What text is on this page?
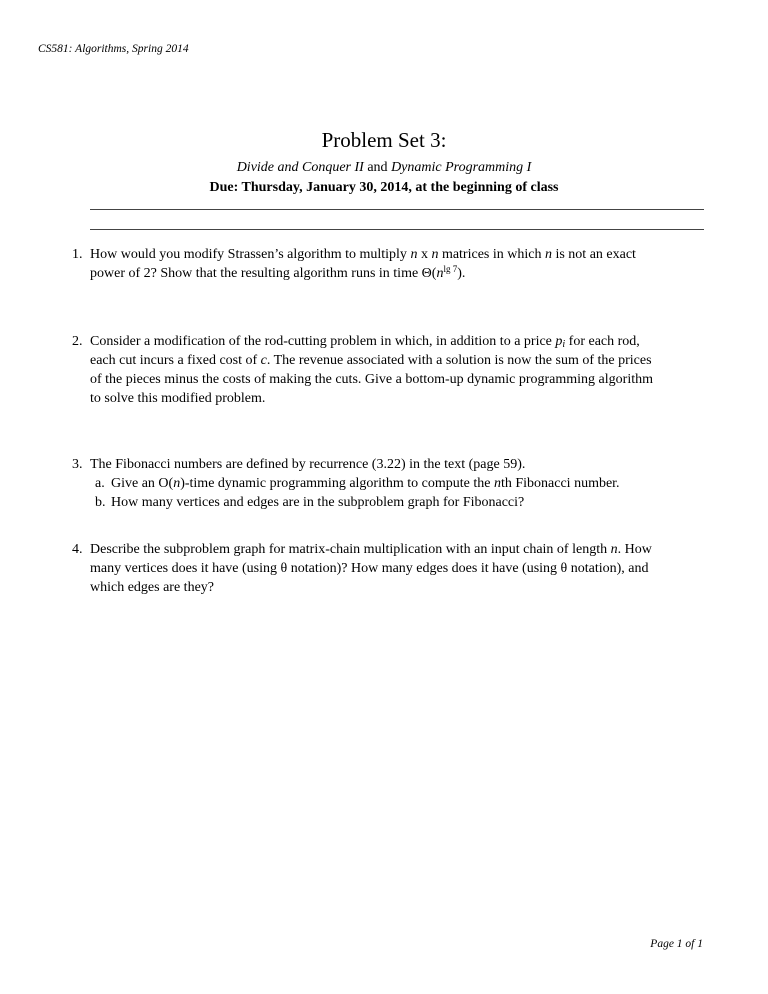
CS581: Algorithms, Spring 2014
Problem Set 3:
Divide and Conquer II and Dynamic Programming I
Due: Thursday, January 30, 2014, at the beginning of class
1. How would you modify Strassen’s algorithm to multiply n x n matrices in which n is not an exact
power of 2? Show that the resulting algorithm runs in time $\Theta(n^{lg 7})$.
2. Consider a modification of the rod-cutting problem in which, in addition to a price $p_i$ for each rod,
each cut incurs a fixed cost of c. The revenue associated with a solution is now the sum of the prices
of the pieces minus the costs of making the cuts. Give a bottom-up dynamic programming algorithm
to solve this modified problem.
3. The Fibonacci numbers are defined by recurrence (3.22) in the text (page 59).
a. Give an O(n)-time dynamic programming algorithm to compute the nth Fibonacci number.
b. How many vertices and edges are in the subproblem graph for Fibonacci?
4. Describe the subproblem graph for matrix-chain multiplication with an input chain of length n. How
many vertices does it have (using θ notation)? How many edges does it have (using θ notation), and
which edges are they?
Page 1 of 1
